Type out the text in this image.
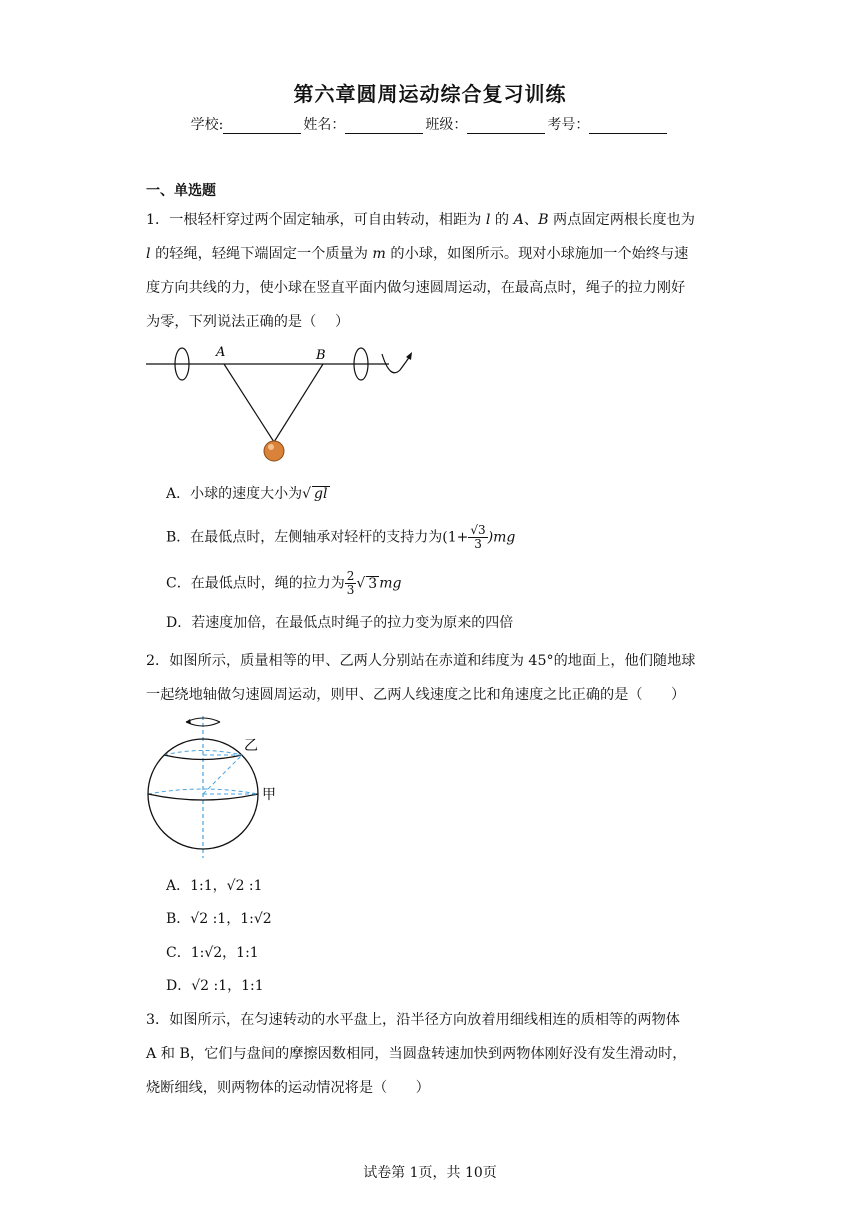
第六章圆周运动综合复习训练
学校:	姓名：	班级：	考号：
一、单选题
1．一根轻杆穿过两个固定轴承，可自由转动，相距为 l 的 A、B 两点固定两根长度也为
l 的轻绳，轻绳下端固定一个质量为 m 的小球，如图所示。现对小球施加一个始终与速
度方向共线的力，使小球在竖直平面内做匀速圆周运动，在最高点时，绳子的拉力刚好
为零，下列说法正确的是（　 ）
A	B
A．小球的速度大小为√ gl
B．在最低点时，左侧轴承对轻杆的支持力为$(1+ \frac{√3}{3} )mg$
C．在最低点时，绳的拉力为 $\frac{2}{3}$ √ 3 mg
D．若速度加倍，在最低点时绳子的拉力变为原来的四倍
2．如图所示，质量相等的甲、乙两人分别站在赤道和纬度为 45°的地面上，他们随地球
一起绕地轴做匀速圆周运动，则甲、乙两人线速度之比和角速度之比正确的是（　　）
乙
甲
A．1:1，√2 :1
B．√2 :1，1:√2
C．1:√2，1:1
D．√2 :1，1:1
3．如图所示，在匀速转动的水平盘上，沿半径方向放着用细线相连的质相等的两物体
A 和 B，它们与盘间的摩擦因数相同，当圆盘转速加快到两物体刚好没有发生滑动时，
烧断细线，则两物体的运动情况将是（　　）
试卷第 1页，共 10页
